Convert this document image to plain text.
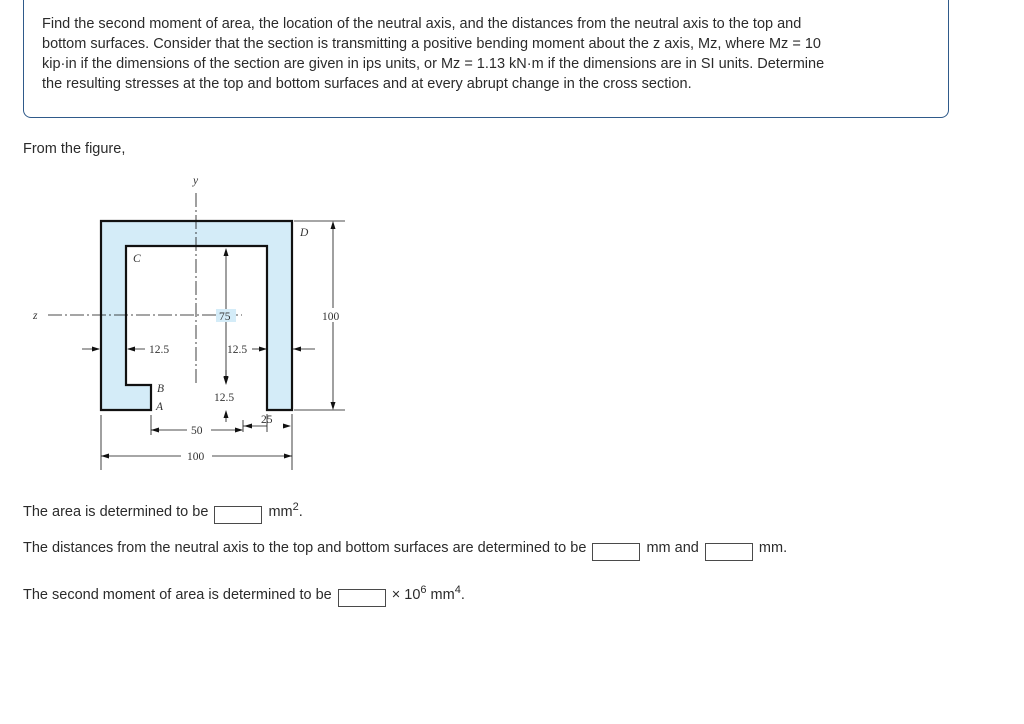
Find the second moment of area, the location of the neutral axis, and the distances from the neutral axis to the top and
bottom surfaces. Consider that the section is transmitting a positive bending moment about the z axis, Mz, where Mz = 10
kip·in if the dimensions of the section are given in ips units, or Mz = 1.13 kN·m if the dimensions are in SI units. Determine
the resulting stresses at the top and bottom surfaces and at every abrupt change in the cross section.
From the figure,
y
z
C
D
B
A
75	100
12.5	12.5
12.5
50
25
100
The area is determined to be	$mm^2$.
The distances from the neutral axis to the top and bottom surfaces are determined to be	mm and	mm.
The second moment of area is determined to be	× $10^6$ $mm^4$.
